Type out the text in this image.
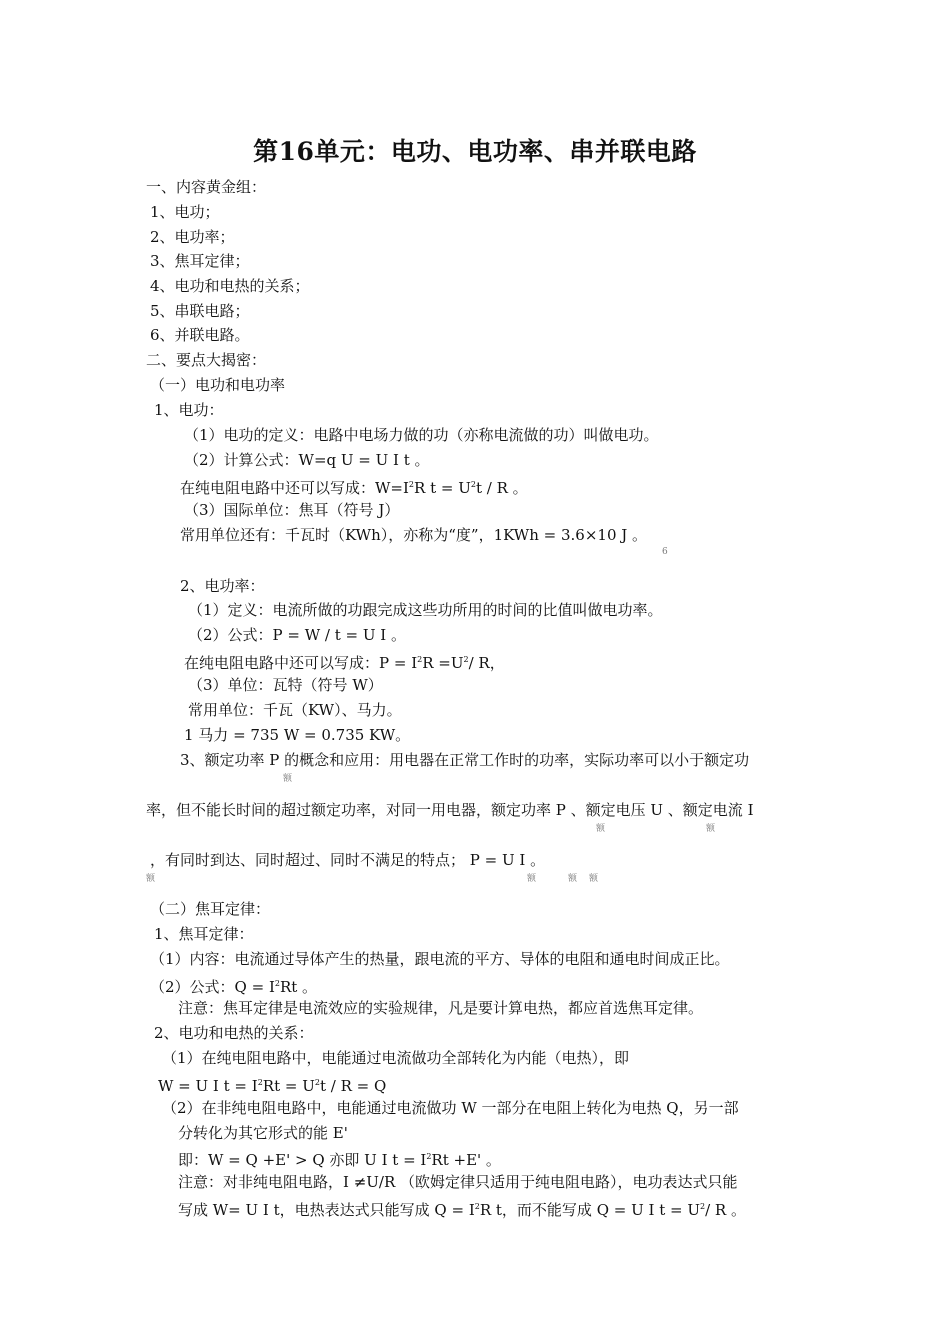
第16单元：电功、电功率、串并联电路
一、内容黄金组：
1、电功；
2、电功率；
3、焦耳定律；
4、电功和电热的关系；
5、串联电路；
6、并联电路。
二、要点大揭密：
（一）电功和电功率
1、电功：
（1）电功的定义：电路中电场力做的功（亦称电流做的功）叫做电功。
（2）计算公式：W=q U = U I t 。
在纯电阻电路中还可以写成：$W=I^2R$ $t = U^2t / R$ 。
（3）国际单位：焦耳（符号 J）
常用单位还有：千瓦时（KWh），亦称为“度”，1KWh = 3.6×10 J 。
6
2、电功率：
（1）定义：电流所做的功跟完成这些功所用的时间的比值叫做电功率。
（2）公式：P = W / t = U I 。
在纯电阻电路中还可以写成：$P = I^2R =U^2/$ R，
（3）单位：瓦特（符号 W）
常用单位：千瓦（KW）、马力。
1 马力 = 735 W = 0.735 KW。
3、额定功率 P 的概念和应用：用电器在正常工作时的功率，实际功率可以小于额定功
额
率，但不能长时间的超过额定功率，对同一用电器，额定功率 P 、额定电压 U 、额定电流 I
额	额
，有同时到达、同时超过、同时不满足的特点； P = U I 。
额	额	额 额
（二）焦耳定律：
1、焦耳定律：
（1）内容：电流通过导体产生的热量，跟电流的平方、导体的电阻和通电时间成正比。
（2）公式：$Q = I^2Rt$ 。
注意：焦耳定律是电流效应的实验规律，凡是要计算电热，都应首选焦耳定律。
2、电功和电热的关系：
（1）在纯电阻电路中，电能通过电流做功全部转化为内能（电热），即
W = U I $t = I^2Rt = U^2t / R = Q$
（2）在非纯电阻电路中，电能通过电流做功 W 一部分在电阻上转化为电热 Q，另一部
分转化为其它形式的能 E'
即：W = Q +E' > Q 亦即 U I $t = I^2Rt +E'$ 。
注意：对非纯电阻电路，I ≠U/R （欧姆定律只适用于纯电阻电路），电功表达式只能
写成 W= U I t，电热表达式只能写成 $Q = I^2R$ t，而不能写成 Q = U I $t = U^2/$ R 。
